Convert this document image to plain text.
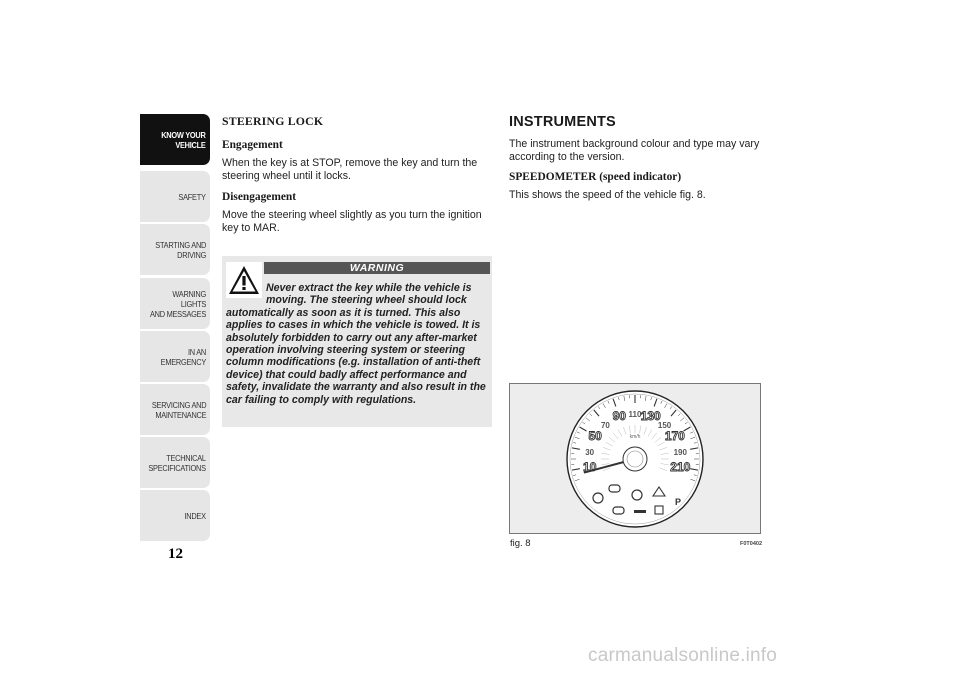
KNOW YOUR
VEHICLE
SAFETY
STARTING AND
DRIVING
WARNING LIGHTS
AND MESSAGES
IN AN EMERGENCY
SERVICING AND
MAINTENANCE
TECHNICAL
SPECIFICATIONS
INDEX
12

STEERING LOCK

Engagement

When the key is at STOP, remove the key and turn the steering wheel until it locks.

Disengagement

Move the steering wheel slightly as you turn the ignition key to MAR.

WARNING

Never extract the key while the vehicle is moving. The steering wheel should lock automatically as soon as it is turned. This also applies to cases in which the vehicle is towed. It is absolutely forbidden to carry out any after-market operation involving steering system or steering column modifications (e.g. installation of anti-theft device) that could badly affect performance and safety, invalidate the warranty and also result in the car failing to comply with regulations.

INSTRUMENTS

The instrument background colour and type may vary according to the version.

SPEEDOMETER (speed indicator)

This shows the speed of the vehicle fig. 8.

10
30
50
70
90 110 130
150
170
190
210
km/h
P
fig. 8	F0T0402
carmanualsonline.info
